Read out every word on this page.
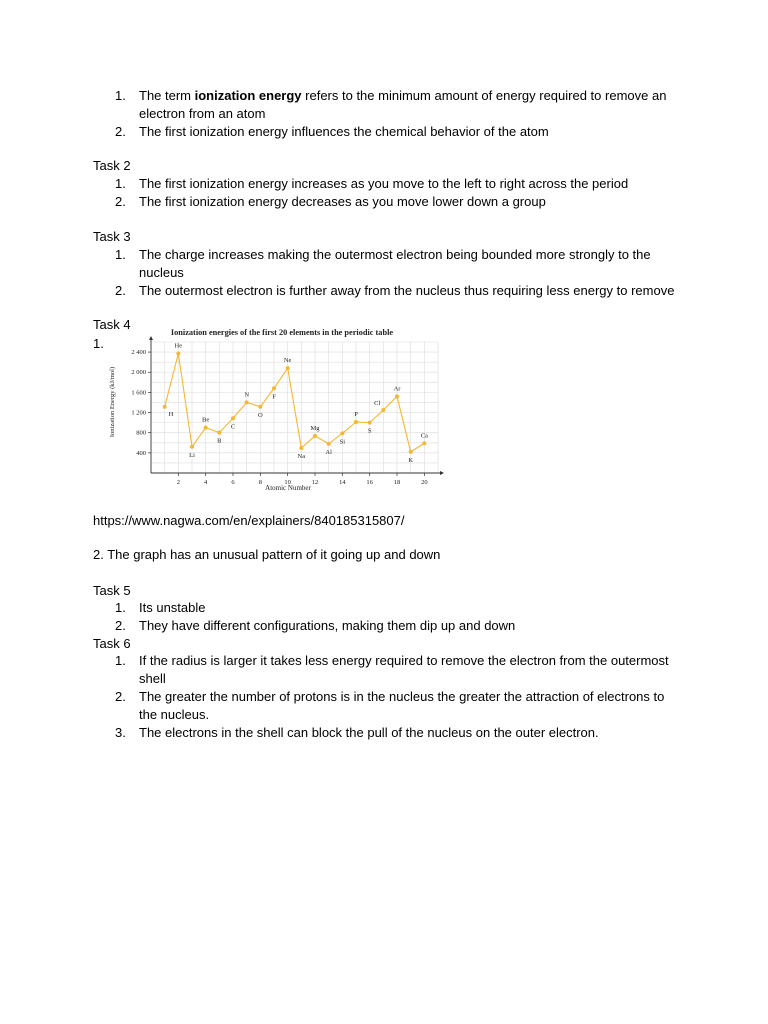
1. The term ionization energy refers to the minimum amount of energy required to remove an electron from an atom
2. The first ionization energy influences the chemical behavior of the atom
Task 2
1. The first ionization energy increases as you move to the left to right across the period
2. The first ionization energy decreases as you move lower down a group
Task 3
1. The charge increases making the outermost electron being bounded more strongly to the nucleus
2. The outermost electron is further away from the nucleus thus requiring less energy to remove
Task 4
1.
Ionization energies of the first 20 elements in the periodic table
2	4	6	8	10	12	14	16	18	20
400
800
1 200
1 600
2 000
2 400
H
He
Li
Be
B
C
N
O
F
Ne
Na
Mg
Al
Si
P
S
Cl
Ar
K
Ca
Atomic Number
Ionization Energy (kJ/mol)
https://www.nagwa.com/en/explainers/840185315807/
2. The graph has an unusual pattern of it going up and down
Task 5
1. Its unstable
2. They have different configurations, making them dip up and down
Task 6
1. If the radius is larger it takes less energy required to remove the electron from the outermost shell
2. The greater the number of protons is in the nucleus the greater the attraction of electrons to the nucleus.
3. The electrons in the shell can block the pull of the nucleus on the outer electron.
